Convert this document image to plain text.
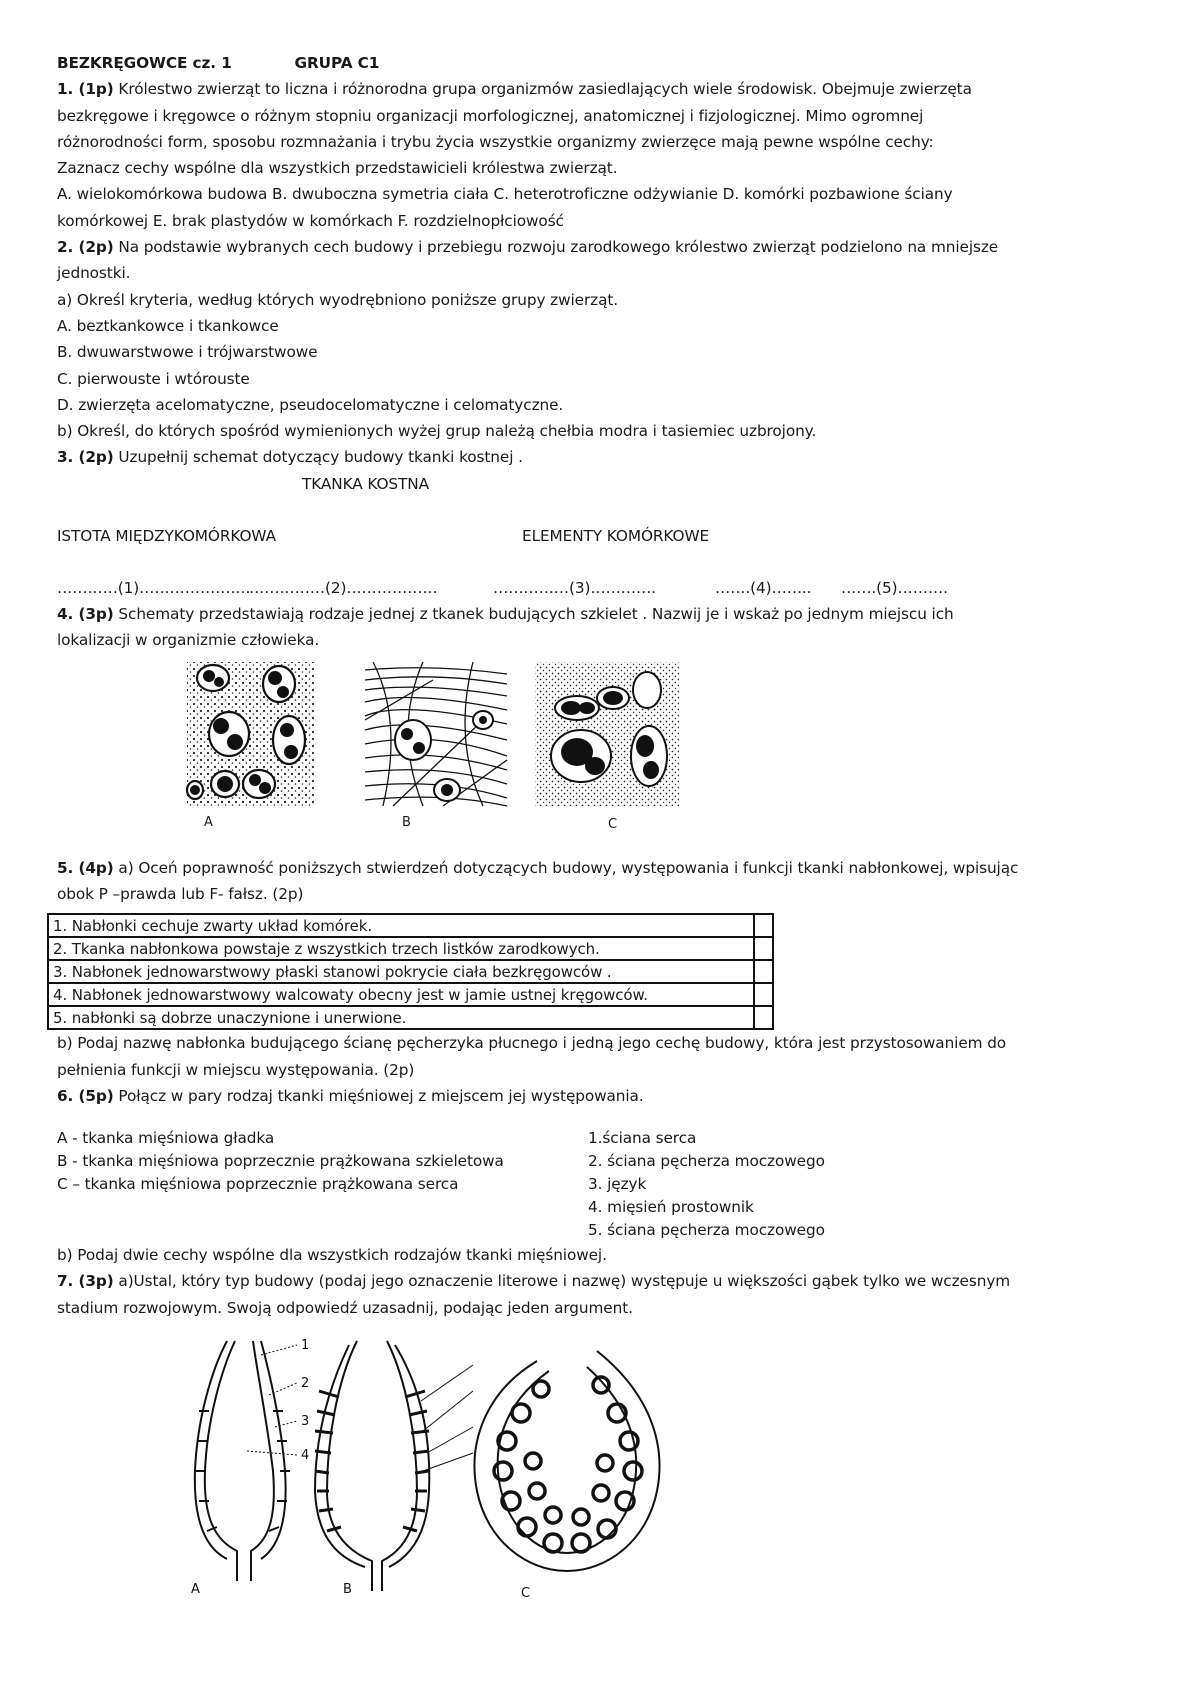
BEZKRĘGOWCE cz. 1	GRUPA C1
1. (1p) Królestwo zwierząt to liczna i różnorodna grupa organizmów zasiedlających wiele środowisk. Obejmuje zwierzęta
bezkręgowe i kręgowce o różnym stopniu organizacji morfologicznej, anatomicznej i fizjologicznej. Mimo ogromnej
różnorodności form, sposobu rozmnażania i trybu życia wszystkie organizmy zwierzęce mają pewne wspólne cechy:
Zaznacz cechy wspólne dla wszystkich przedstawicieli królestwa zwierząt.
A. wielokomórkowa budowa B. dwuboczna symetria ciała C. heterotroficzne odżywianie D. komórki pozbawione ściany
komórkowej E. brak plastydów w komórkach F. rozdzielnopłciowość
2. (2p) Na podstawie wybranych cech budowy i przebiegu rozwoju zarodkowego królestwo zwierząt podzielono na mniejsze
jednostki.
a) Określ kryteria, według których wyodrębniono poniższe grupy zwierząt.
A. beztkankowce i tkankowce
B. dwuwarstwowe i trójwarstwowe
C. pierwouste i wtórouste
D. zwierzęta acelomatyczne, pseudocelomatyczne i celomatyczne.
b) Określ, do których spośród wymienionych wyżej grup należą chełbia modra i tasiemiec uzbrojony.
3. (2p) Uzupełnij schemat dotyczący budowy tkanki kostnej .
TKANKA KOSTNA
ISTOTA MIĘDZYKOMÓRKOWA	ELEMENTY KOMÓRKOWE
…………(1)………………….
……………(2)………………	……………(3)………….	…….(4)…….. …….(5)……….
4. (3p) Schematy przedstawiają rodzaje jednej z tkanek budujących szkielet . Nazwij je i wskaż po jednym miejscu ich
lokalizacji w organizmie człowieka.
A	B	C
5. (4p) a) Oceń poprawność poniższych stwierdzeń dotyczących budowy, występowania i funkcji tkanki nabłonkowej, wpisując
obok P –prawda lub F- fałsz. (2p)
1. Nabłonki cechuje zwarty układ komórek.	
2. Tkanka nabłonkowa powstaje z wszystkich trzech listków zarodkowych.	
3. Nabłonek jednowarstwowy płaski stanowi pokrycie ciała bezkręgowców .	
4. Nabłonek jednowarstwowy walcowaty obecny jest w jamie ustnej kręgowców.	
5. nabłonki są dobrze unaczynione i unerwione.	
b) Podaj nazwę nabłonka budującego ścianę pęcherzyka płucnego i jedną jego cechę budowy, która jest przystosowaniem do
pełnienia funkcji w miejscu występowania. (2p)
6. (5p) Połącz w pary rodzaj tkanki mięśniowej z miejscem jej występowania.
A - tkanka mięśniowa gładka
B - tkanka mięśniowa poprzecznie prążkowana szkieletowa
C – tkanka mięśniowa poprzecznie prążkowana serca
1.ściana serca
2. ściana pęcherza moczowego
3. język
4. mięsień prostownik
5. ściana pęcherza moczowego
b) Podaj dwie cechy wspólne dla wszystkich rodzajów tkanki mięśniowej.
7. (3p) a)Ustal, który typ budowy (podaj jego oznaczenie literowe i nazwę) występuje u większości gąbek tylko we wczesnym
stadium rozwojowym. Swoją odpowiedź uzasadnij, podając jeden argument.
1
2
3
4
A	B	C
